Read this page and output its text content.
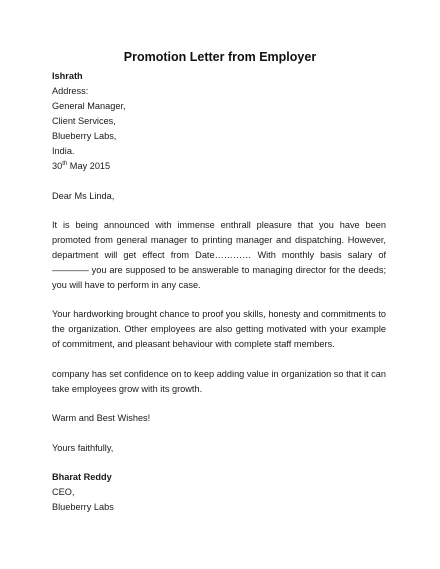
Promotion Letter from Employer
Ishrath
Address:
General Manager,
Client Services,
Blueberry Labs,
India.
30th May 2015
Dear Ms Linda,
It is being announced with immense enthrall pleasure that you have been promoted from general manager to printing manager and dispatching. However, department will get effect from Date………… With monthly basis salary of ———— you are supposed to be answerable to managing director for the deeds; you will have to perform in any case.
Your hardworking brought chance to proof you skills, honesty and commitments to the organization. Other employees are also getting motivated with your example of commitment, and pleasant behaviour with complete staff members.
company has set confidence on to keep adding value in organization so that it can take employees grow with its growth.
Warm and Best Wishes!
Yours faithfully,
Bharat Reddy
CEO,
Blueberry Labs
